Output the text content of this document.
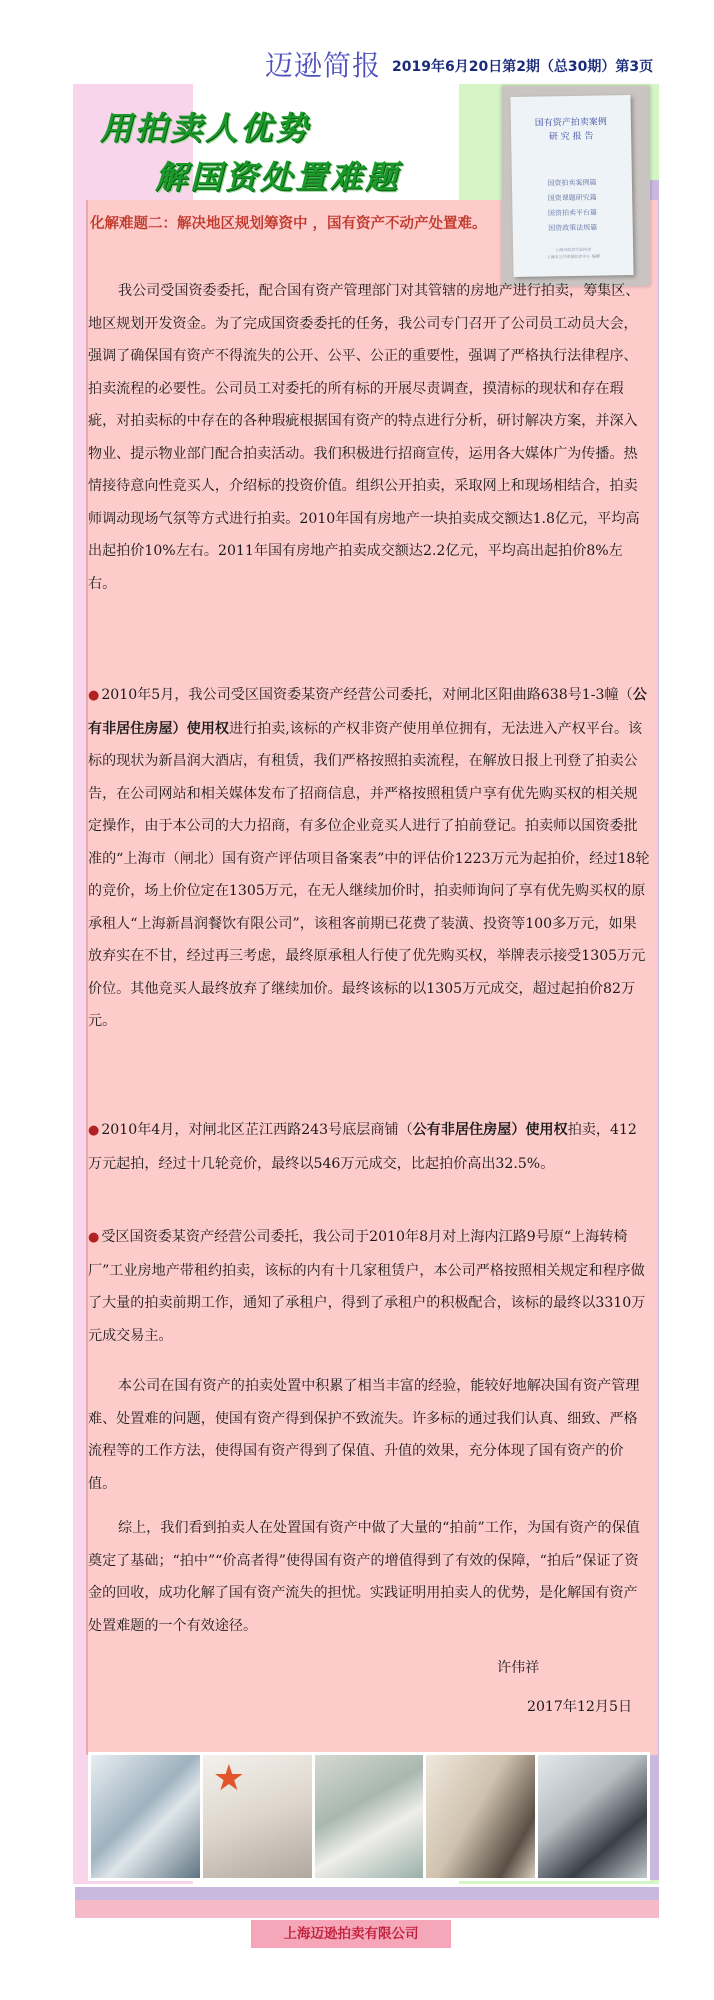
迈逊简报 2019年6月20日第2期（总30期）第3页
用拍卖人优势
解国资处置难题
国有资产拍卖案例
研 究 报 告
国资拍卖案例篇
国资课题研究篇
国资拍卖平台篇
国资政策法规篇
上海市拍卖行业协会
上海市公共资源拍卖中心 编撰

化解难题二：解决地区规划筹资中 ，国有资产不动产处置难。

我公司受国资委委托，配合国有资产管理部门对其管辖的房地产进行拍卖，筹集区、地区规划开发资金。为了完成国资委委托的任务，我公司专门召开了公司员工动员大会，强调了确保国有资产不得流失的公开、公平、公正的重要性，强调了严格执行法律程序、拍卖流程的必要性。公司员工对委托的所有标的开展尽责调查，摸清标的现状和存在瑕疵，对拍卖标的中存在的各种瑕疵根据国有资产的特点进行分析，研讨解决方案，并深入物业、提示物业部门配合拍卖活动。我们积极进行招商宣传，运用各大媒体广为传播。热情接待意向性竞买人，介绍标的投资价值。组织公开拍卖，采取网上和现场相结合，拍卖师调动现场气氛等方式进行拍卖。2010年国有房地产一块拍卖成交额达1.8亿元，平均高出起拍价10%左右。2011年国有房地产拍卖成交额达2.2亿元，平均高出起拍价8%左右。

● 2010年5月，我公司受区国资委某资产经营公司委托，对闸北区阳曲路638号1-3幢（公有非居住房屋）使用权进行拍卖,该标的产权非资产使用单位拥有，无法进入产权平台。该标的现状为新昌润大酒店，有租赁，我们严格按照拍卖流程，在解放日报上刊登了拍卖公告，在公司网站和相关媒体发布了招商信息，并严格按照租赁户享有优先购买权的相关规定操作，由于本公司的大力招商，有多位企业竞买人进行了拍前登记。拍卖师以国资委批准的“上海市（闸北）国有资产评估项目备案表”中的评估价1223万元为起拍价，经过18轮的竞价，场上价位定在1305万元，在无人继续加价时，拍卖师询问了享有优先购买权的原承租人“上海新昌润餐饮有限公司”，该租客前期已花费了装潢、投资等100多万元，如果放弃实在不甘，经过再三考虑，最终原承租人行使了优先购买权，举牌表示接受1305万元价位。其他竞买人最终放弃了继续加价。最终该标的以1305万元成交，超过起拍价82万元。

● 2010年4月，对闸北区芷江西路243号底层商铺（公有非居住房屋）使用权拍卖，412万元起拍，经过十几轮竞价，最终以546万元成交，比起拍价高出32.5%。

● 受区国资委某资产经营公司委托，我公司于2010年8月对上海内江路9号原“上海转椅厂”工业房地产带租约拍卖，该标的内有十几家租赁户，本公司严格按照相关规定和程序做了大量的拍卖前期工作，通知了承租户，得到了承租户的积极配合，该标的最终以3310万元成交易主。

本公司在国有资产的拍卖处置中积累了相当丰富的经验，能较好地解决国有资产管理难、处置难的问题，使国有资产得到保护不致流失。许多标的通过我们认真、细致、严格流程等的工作方法，使得国有资产得到了保值、升值的效果，充分体现了国有资产的价值。

综上，我们看到拍卖人在处置国有资产中做了大量的“拍前”工作，为国有资产的保值奠定了基础；“拍中”“价高者得”使得国有资产的增值得到了有效的保障，“拍后”保证了资金的回收，成功化解了国有资产流失的担忧。实践证明用拍卖人的优势，是化解国有资产处置难题的一个有效途径。

许伟祥
2017年12月5日
★
上海迈逊拍卖有限公司
